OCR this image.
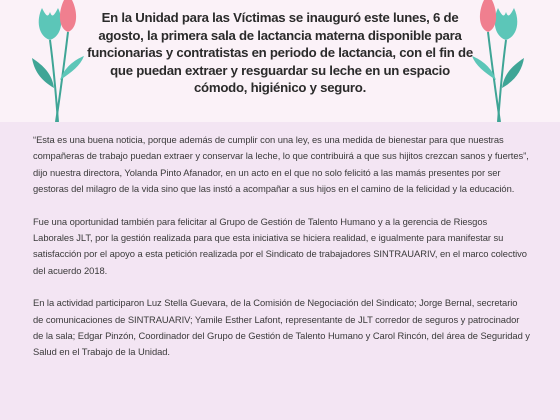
En la Unidad para las Víctimas se inauguró este lunes, 6 de agosto, la primera sala de lactancia materna disponible para funcionarias y contratistas en periodo de lactancia, con el fin de que puedan extraer y resguardar su leche en un espacio cómodo, higiénico y seguro.

“Esta es una buena noticia, porque además de cumplir con una ley, es una medida de bienestar para que nuestras compañeras de trabajo puedan extraer y conservar la leche, lo que contribuirá a que sus hijitos crezcan sanos y fuertes”, dijo nuestra directora, Yolanda Pinto Afanador, en un acto en el que no solo felicitó a las mamás presentes por ser gestoras del milagro de la vida sino que las instó a acompañar a sus hijos en el camino de la felicidad y la educación.

Fue una oportunidad también para felicitar al Grupo de Gestión de Talento Humano y a la gerencia de Riesgos Laborales JLT, por la gestión realizada para que esta iniciativa se hiciera realidad, e igualmente para manifestar su satisfacción por el apoyo a esta petición realizada por el Sindicato de trabajadores SINTRAUARIV, en el marco colectivo del acuerdo 2018.

En la actividad participaron Luz Stella Guevara, de la Comisión de Negociación del Sindicato; Jorge Bernal, secretario de comunicaciones de SINTRAUARIV; Yamile Esther Lafont, representante de JLT corredor de seguros y patrocinador de la sala; Edgar Pinzón, Coordinador del Grupo de Gestión de Talento Humano y Carol Rincón, del área de Seguridad y Salud en el Trabajo de la Unidad.
